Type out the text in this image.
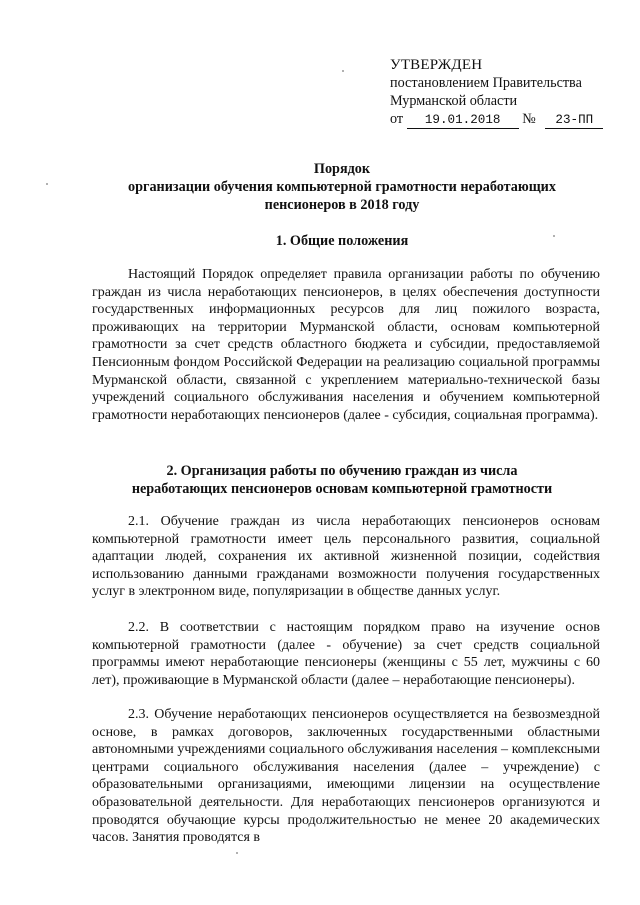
УТВЕРЖДЕН
постановлением Правительства
Мурманской области
от 19.01.2018 № 23-ПП
Порядок
организации обучения компьютерной грамотности неработающих
пенсионеров в 2018 году
1. Общие положения

Настоящий Порядок определяет правила организации работы по обучению граждан из числа неработающих пенсионеров, в целях обеспечения доступности государственных информационных ресурсов для лиц пожилого возраста, проживающих на территории Мурманской области, основам компьютерной грамотности за счет средств областного бюджета и субсидии, предоставляемой Пенсионным фондом Российской Федерации на реализацию социальной программы Мурманской области, связанной с укреплением материально-технической базы учреждений социального обслуживания населения и обучением компьютерной грамотности неработающих пенсионеров (далее - субсидия, социальная программа).

2. Организация работы по обучению граждан из числа
неработающих пенсионеров основам компьютерной грамотности

2.1. Обучение граждан из числа неработающих пенсионеров основам компьютерной грамотности имеет цель персонального развития, социальной адаптации людей, сохранения их активной жизненной позиции, содействия использованию данными гражданами возможности получения государственных услуг в электронном виде, популяризации в обществе данных услуг.

2.2. В соответствии с настоящим порядком право на изучение основ компьютерной грамотности (далее - обучение) за счет средств социальной программы имеют неработающие пенсионеры (женщины с 55 лет, мужчины с 60 лет), проживающие в Мурманской области (далее – неработающие пенсионеры).

2.3. Обучение неработающих пенсионеров осуществляется на безвозмездной основе, в рамках договоров, заключенных государственными областными автономными учреждениями социального обслуживания населения – комплексными центрами социального обслуживания населения (далее – учреждение) с образовательными организациями, имеющими лицензии на осуществление образовательной деятельности. Для неработающих пенсионеров организуются и проводятся обучающие курсы продолжительностью не менее 20 академических часов. Занятия проводятся в
